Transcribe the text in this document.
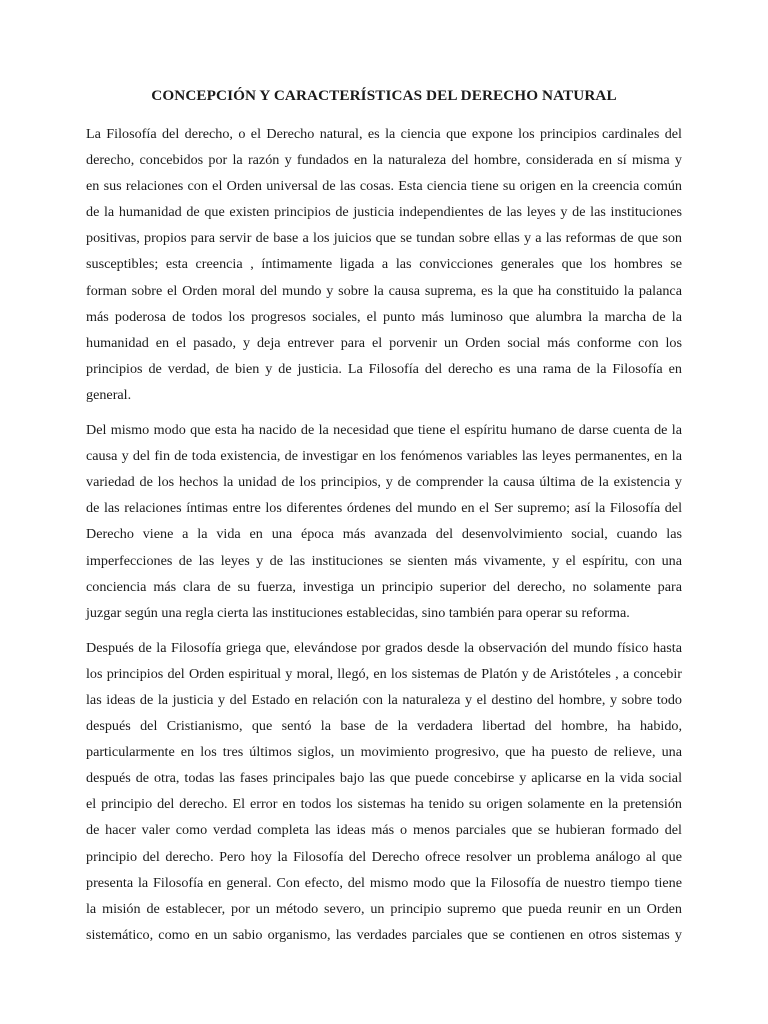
CONCEPCIÓN Y CARACTERÍSTICAS DEL DERECHO NATURAL

La Filosofía del derecho, o el Derecho natural, es la ciencia que expone los principios cardinales del
derecho, concebidos por la razón y fundados en la naturaleza del hombre, considerada en sí misma y
en sus relaciones con el Orden universal de las cosas. Esta ciencia tiene su origen en la creencia común
de la humanidad de que existen principios de justicia independientes de las leyes y de las instituciones
positivas, propios para servir de base a los juicios que se tundan sobre ellas y a las reformas de que son
susceptibles; esta creencia , íntimamente ligada a las convicciones generales que los hombres se
forman sobre el Orden moral del mundo y sobre la causa suprema, es la que ha constituido la palanca
más poderosa de todos los progresos sociales, el punto más luminoso que alumbra la marcha de la
humanidad en el pasado, y deja entrever para el porvenir un Orden social más conforme con los
principios de verdad, de bien y de justicia. La Filosofía del derecho es una rama de la Filosofía en
general.

Del mismo modo que esta ha nacido de la necesidad que tiene el espíritu humano de darse cuenta de la
causa y del fin de toda existencia, de investigar en los fenómenos variables las leyes permanentes, en la
variedad de los hechos la unidad de los principios, y de comprender la causa última de la existencia y
de las relaciones íntimas entre los diferentes órdenes del mundo en el Ser supremo; así la Filosofía del
Derecho viene a la vida en una época más avanzada del desenvolvimiento social, cuando las
imperfecciones de las leyes y de las instituciones se sienten más vivamente, y el espíritu, con una
conciencia más clara de su fuerza, investiga un principio superior del derecho, no solamente para
juzgar según una regla cierta las instituciones establecidas, sino también para operar su reforma.

Después de la Filosofía griega que, elevándose por grados desde la observación del mundo físico hasta
los principios del Orden espiritual y moral, llegó, en los sistemas de Platón y de Aristóteles , a concebir
las ideas de la justicia y del Estado en relación con la naturaleza y el destino del hombre, y sobre todo
después del Cristianismo, que sentó la base de la verdadera libertad del hombre, ha habido,
particularmente en los tres últimos siglos, un movimiento progresivo, que ha puesto de relieve, una
después de otra, todas las fases principales bajo las que puede concebirse y aplicarse en la vida social
el principio del derecho. El error en todos los sistemas ha tenido su origen solamente en la pretensión
de hacer valer como verdad completa las ideas más o menos parciales que se hubieran formado del
principio del derecho. Pero hoy la Filosofía del Derecho ofrece resolver un problema análogo al que
presenta la Filosofía en general. Con efecto, del mismo modo que la Filosofía de nuestro tiempo tiene
la misión de establecer, por un método severo, un principio supremo que pueda reunir en un Orden
sistemático, como en un sabio organismo, las verdades parciales que se contienen en otros sistemas y
